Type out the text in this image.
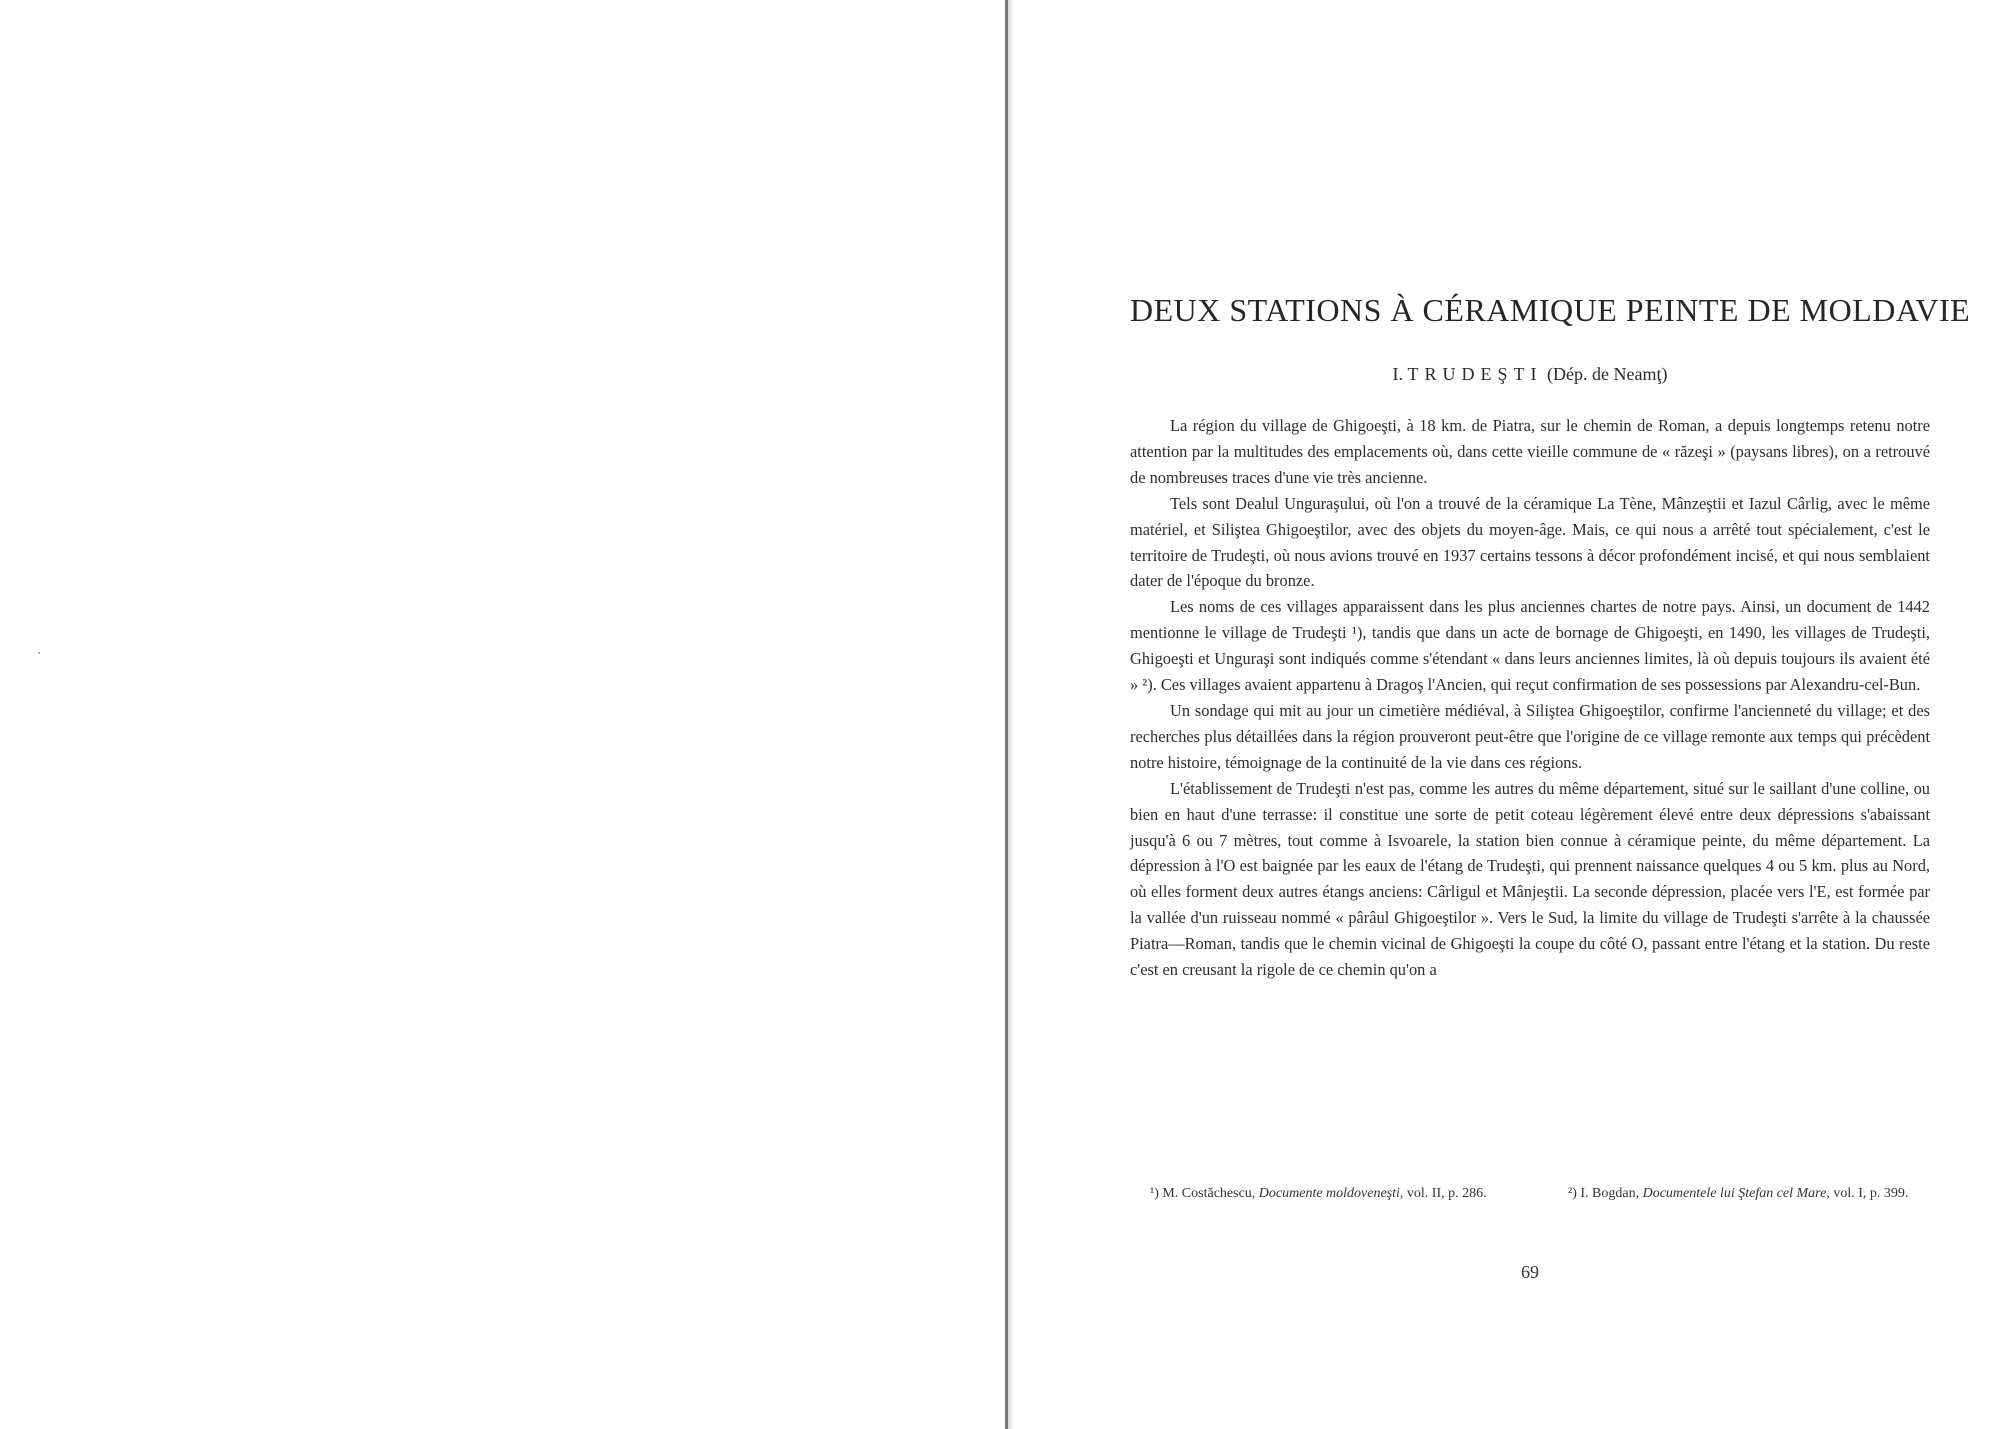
DEUX STATIONS À CÉRAMIQUE PEINTE DE MOLDAVIE
I. TRUDEŞTI (Dép. de Neamţ)

La région du village de Ghigoeşti, à 18 km. de Piatra, sur le chemin de Roman, a depuis longtemps retenu notre attention par la multitudes des emplacements où, dans cette vieille commune de « răzeşi » (paysans libres), on a retrouvé de nombreuses traces d'une vie très ancienne.

Tels sont Dealul Unguraşului, où l'on a trouvé de la céramique La Tène, Mânzeştii et Iazul Cârlig, avec le même matériel, et Siliştea Ghigoeştilor, avec des objets du moyen-âge. Mais, ce qui nous a arrêté tout spécialement, c'est le territoire de Trudeşti, où nous avions trouvé en 1937 certains tessons à décor profondément incisé, et qui nous semblaient dater de l'époque du bronze.

Les noms de ces villages apparaissent dans les plus anciennes chartes de notre pays. Ainsi, un document de 1442 mentionne le village de Trudeşti ¹), tandis que dans un acte de bornage de Ghigoeşti, en 1490, les villages de Trudeşti, Ghigoeşti et Unguraşi sont indiqués comme s'étendant « dans leurs anciennes limites, là où depuis toujours ils avaient été » ²). Ces villages avaient appartenu à Dragoş l'Ancien, qui reçut confirmation de ses possessions par Alexandru-cel-Bun.

Un sondage qui mit au jour un cimetière médiéval, à Siliştea Ghigoeştilor, confirme l'ancienneté du village; et des recherches plus détaillées dans la région prouveront peut-être que l'origine de ce village remonte aux temps qui précèdent notre histoire, témoignage de la continuité de la vie dans ces régions.

L'établissement de Trudeşti n'est pas, comme les autres du même département, situé sur le saillant d'une colline, ou bien en haut d'une terrasse: il constitue une sorte de petit coteau légèrement élevé entre deux dépressions s'abaissant jusqu'à 6 ou 7 mètres, tout comme à Isvoarele, la station bien connue à céramique peinte, du même département. La dépression à l'O est baignée par les eaux de l'étang de Trudeşti, qui prennent naissance quelques 4 ou 5 km. plus au Nord, où elles forment deux autres étangs anciens: Cârligul et Mânjeştii. La seconde dépression, placée vers l'E, est formée par la vallée d'un ruisseau nommé « pârâul Ghigoeştilor ». Vers le Sud, la limite du village de Trudeşti s'arrête à la chaussée Piatra—Roman, tandis que le chemin vicinal de Ghigoeşti la coupe du côté O, passant entre l'étang et la station. Du reste c'est en creusant la rigole de ce chemin qu'on a

¹) M. Costăchescu, Documente moldoveneşti, vol. II, p. 286.	²) I. Bogdan, Documentele lui Ştefan cel Mare, vol. I, p. 399.
69
